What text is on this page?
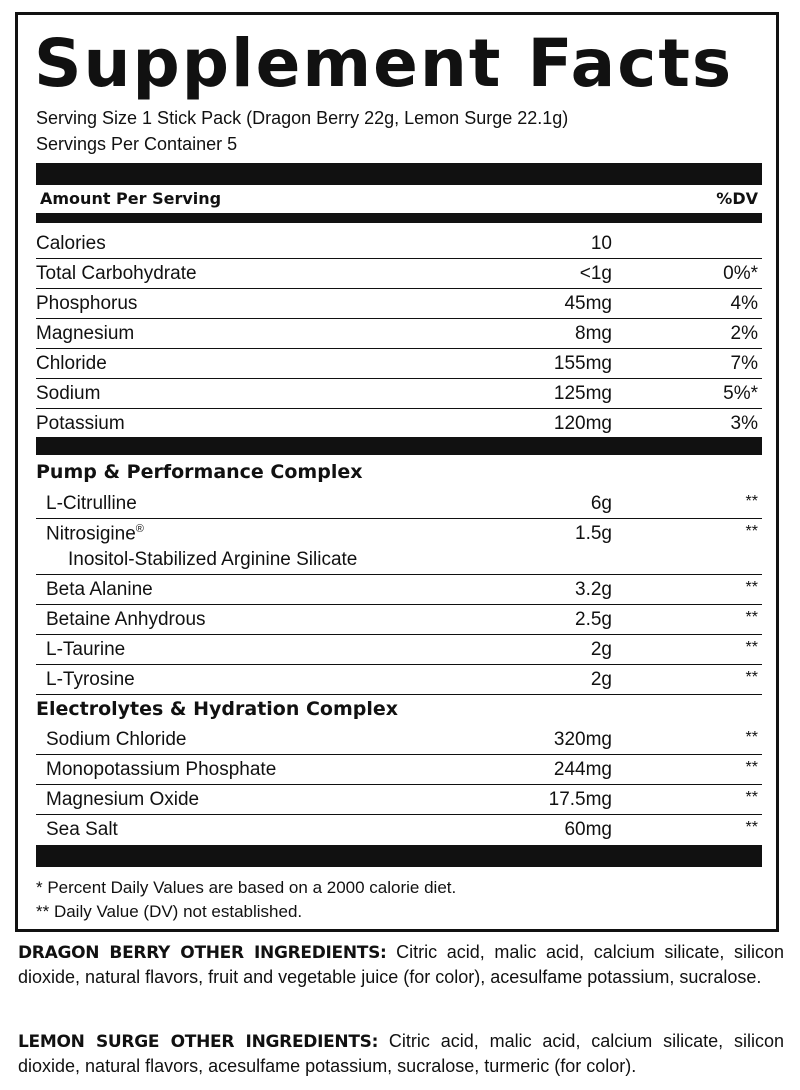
Supplement Facts
Serving Size 1 Stick Pack (Dragon Berry 22g, Lemon Surge 22.1g)
Servings Per Container 5
Amount Per Serving	%DV
Calories	10
Total Carbohydrate	<1g	0%*
Phosphorus	45mg	4%
Magnesium	8mg	2%
Chloride	155mg	7%
Sodium	125mg	5%*
Potassium	120mg	3%
Pump & Performance Complex
L-Citrulline	6g	**
Nitrosigine®
Inositol-Stabilized Arginine Silicate
1.5g	**
Beta Alanine	3.2g	**
Betaine Anhydrous	2.5g	**
L-Taurine	2g	**
L-Tyrosine	2g	**
Electrolytes & Hydration Complex
Sodium Chloride	320mg	**
Monopotassium Phosphate	244mg	**
Magnesium Oxide	17.5mg	**
Sea Salt	60mg	**
* Percent Daily Values are based on a 2000 calorie diet.
** Daily Value (DV) not established.
DRAGON BERRY OTHER INGREDIENTS: Citric acid, malic acid, calcium silicate, silicon dioxide, natural flavors, fruit and vegetable juice (for color), acesulfame potassium, sucralose.
LEMON SURGE OTHER INGREDIENTS: Citric acid, malic acid, calcium silicate, silicon dioxide, natural flavors, acesulfame potassium, sucralose, turmeric (for color).
